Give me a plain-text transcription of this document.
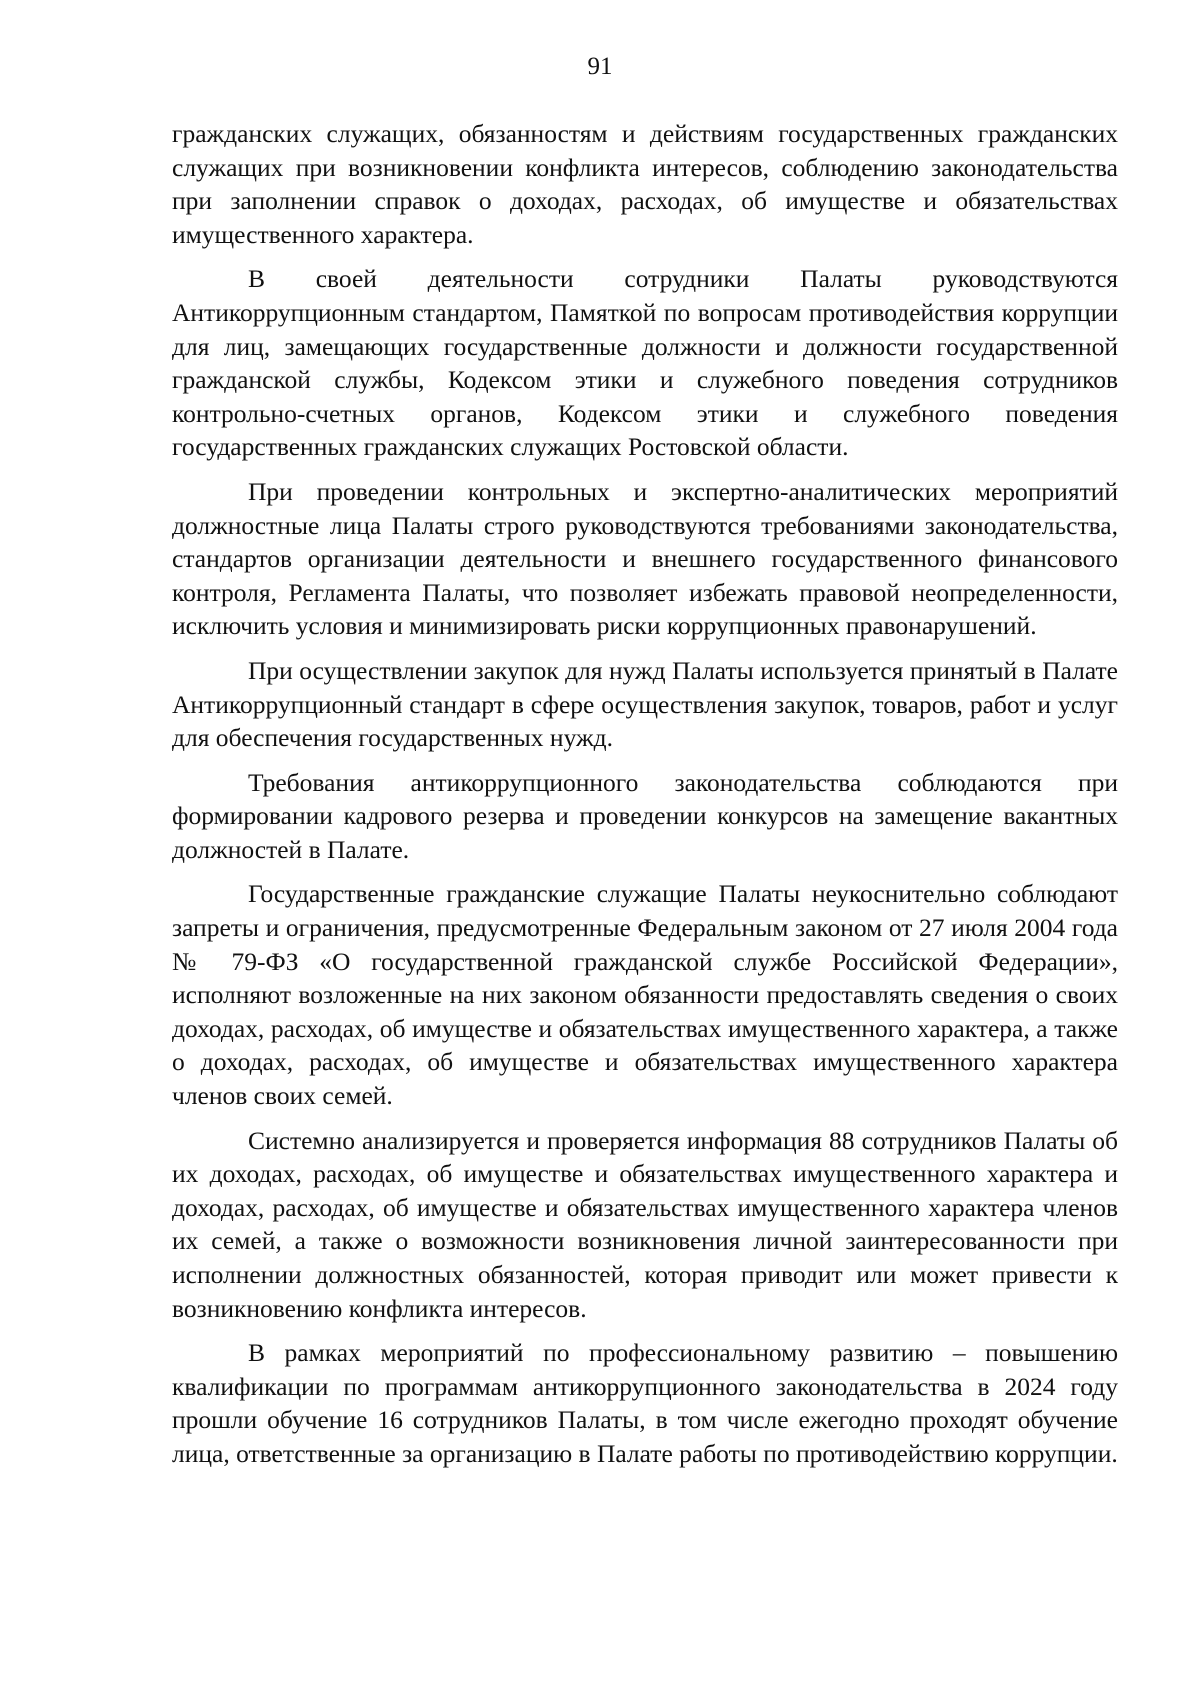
91

гражданских служащих, обязанностям и действиям государственных гражданских служащих при возникновении конфликта интересов, соблюдению законодательства при заполнении справок о доходах, расходах, об имуществе и обязательствах имущественного характера.

В своей деятельности сотрудники Палаты руководствуются Антикоррупционным стандартом, Памяткой по вопросам противодействия коррупции для лиц, замещающих государственные должности и должности государственной гражданской службы, Кодексом этики и служебного поведения сотрудников контрольно-счетных органов, Кодексом этики и служебного поведения государственных гражданских служащих Ростовской области.

При проведении контрольных и экспертно-аналитических мероприятий должностные лица Палаты строго руководствуются требованиями законодательства, стандартов организации деятельности и внешнего государственного финансового контроля, Регламента Палаты, что позволяет избежать правовой неопределенности, исключить условия и минимизировать риски коррупционных правонарушений.

При осуществлении закупок для нужд Палаты используется принятый в Палате Антикоррупционный стандарт в сфере осуществления закупок, товаров, работ и услуг для обеспечения государственных нужд.

Требования антикоррупционного законодательства соблюдаются при формировании кадрового резерва и проведении конкурсов на замещение вакантных должностей в Палате.

Государственные гражданские служащие Палаты неукоснительно соблюдают запреты и ограничения, предусмотренные Федеральным законом от 27 июля 2004 года № 79-ФЗ «О государственной гражданской службе Российской Федерации», исполняют возложенные на них законом обязанности предоставлять сведения о своих доходах, расходах, об имуществе и обязательствах имущественного характера, а также о доходах, расходах, об имуществе и обязательствах имущественного характера членов своих семей.

Системно анализируется и проверяется информация 88 сотрудников Палаты об их доходах, расходах, об имуществе и обязательствах имущественного характера и доходах, расходах, об имуществе и обязательствах имущественного характера членов их семей, а также о возможности возникновения личной заинтересованности при исполнении должностных обязанностей, которая приводит или может привести к возникновению конфликта интересов.

В рамках мероприятий по профессиональному развитию – повышению квалификации по программам антикоррупционного законодательства в 2024 году прошли обучение 16 сотрудников Палаты, в том числе ежегодно проходят обучение лица, ответственные за организацию в Палате работы по противодействию коррупции.
